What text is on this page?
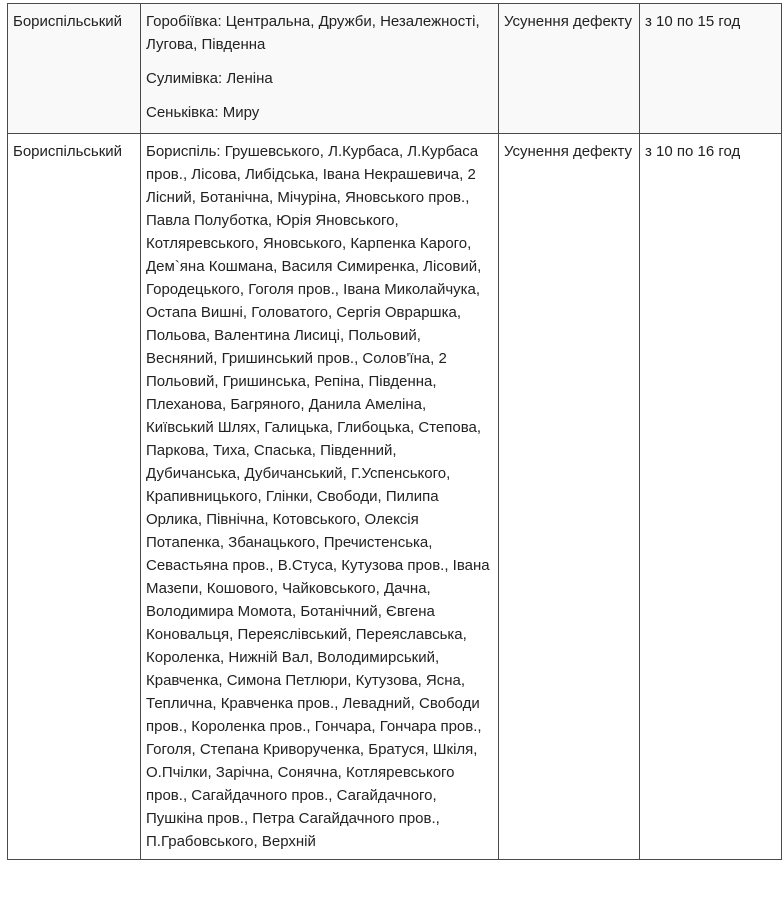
Бориспільський	Горобіївка: Центральна, Дружби, Незалежності, Лугова, Південна

Сулимівка: Леніна

Сеньківка: Миру	Усунення дефекту	з 10 по 15 год
Бориспільський	Бориспіль: Грушевського, Л.Курбаса, Л.Курбаса пров., Лісова, Либідська, Івана Некрашевича, 2 Лісний, Ботанічна, Мічуріна, Яновського пров., Павла Полуботка, Юрія Яновського, Котляревського, Яновського, Карпенка Карого, Дем`яна Кошмана, Василя Симиренка, Лісовий, Городецького, Гоголя пров., Івана Миколайчука, Остапа Вишні, Головатого, Сергія Овраршка, Польова, Валентина Лисиці, Польовий, Весняний, Гришинський пров., Солов'їна, 2 Польовий, Гришинська, Репіна, Південна, Плеханова, Багряного, Данила Амеліна, Київський Шлях, Галицька, Глибоцька, Степова, Паркова, Тиха, Спаська, Південний, Дубичанська, Дубичанський, Г.Успенського, Крапивницького, Глінки, Свободи, Пилипа Орлика, Північна, Котовського, Олексія Потапенка, Збанацького, Пречистенська, Севастьяна пров., В.Стуса, Кутузова пров., Івана Мазепи, Кошового, Чайковського, Дачна, Володимира Момота, Ботанічний, Євгена Коновальця, Переяслівський, Переяславська, Короленка, Нижній Вал, Володимирський, Кравченка, Симона Петлюри, Кутузова, Ясна, Теплична, Кравченка пров., Левадний, Свободи пров., Короленка пров., Гончара, Гончара пров., Гоголя, Степана Криворученка, Братуся, Шкіля, О.Пчілки, Зарічна, Сонячна, Котляревського пров., Сагайдачного пров., Сагайдачного, Пушкіна пров., Петра Сагайдачного пров., П.Грабовського, Верхній	Усунення дефекту	з 10 по 16 год
